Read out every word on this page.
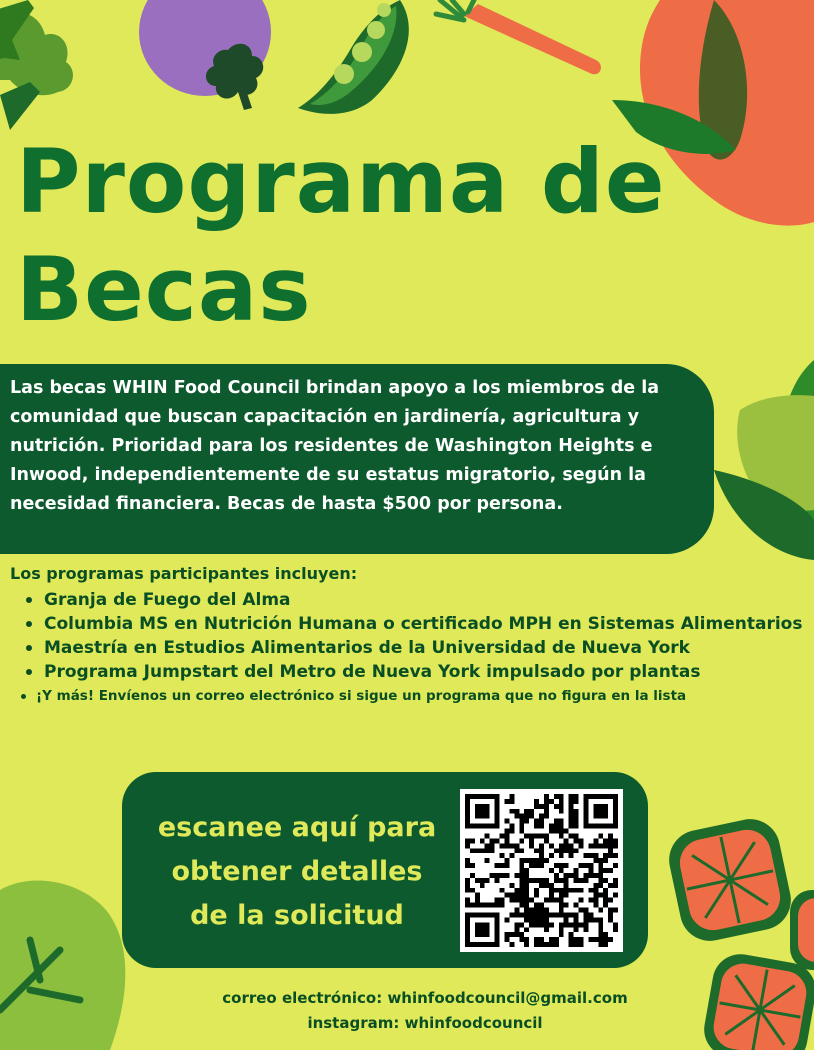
Programa de
Becas

Las becas WHIN Food Council brindan apoyo a los miembros de la comunidad que buscan capacitación en jardinería, agricultura y nutrición. Prioridad para los residentes de Washington Heights e Inwood, independientemente de su estatus migratorio, según la necesidad financiera. Becas de hasta $500 por persona.

Los programas participantes incluyen:

Granja de Fuego del Alma
Columbia MS en Nutrición Humana o certificado MPH en Sistemas Alimentarios
Maestría en Estudios Alimentarios de la Universidad de Nueva York
Programa Jumpstart del Metro de Nueva York impulsado por plantas
¡Y más! Envíenos un correo electrónico si sigue un programa que no figura en la lista

escanee aquí para
obtener detalles
de la solicitud

correo electrónico: whinfoodcouncil@gmail.com
instagram: whinfoodcouncil
